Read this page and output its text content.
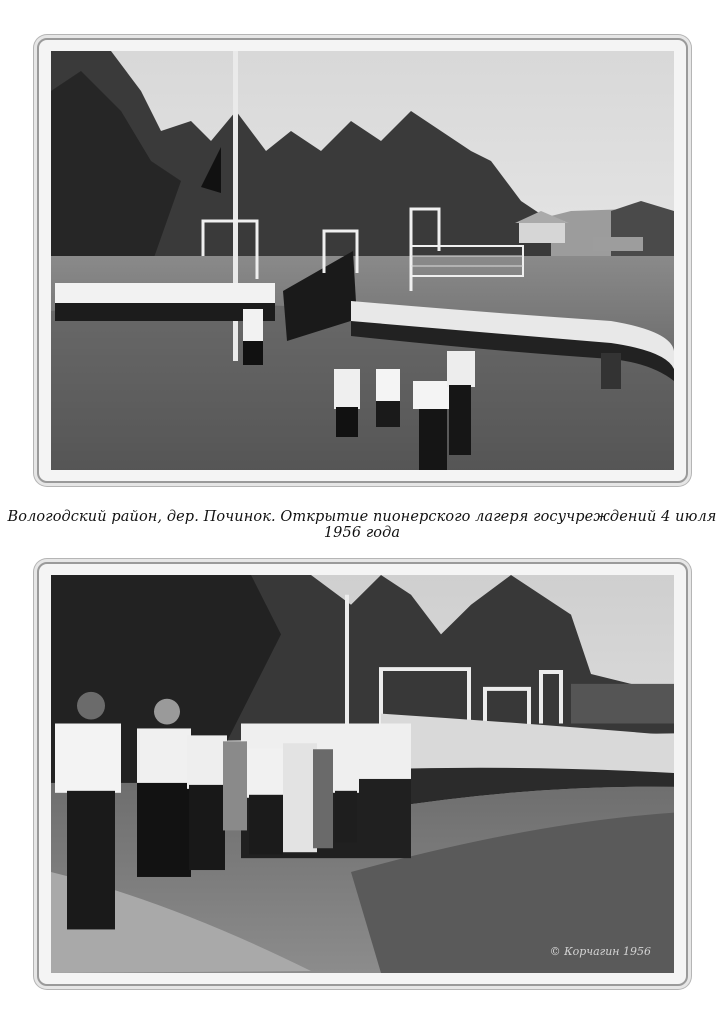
Вологодский район, дер. Починок. Открытие пионерского лагеря госучреждений 4 июля 1956 года
© Корчагин 1956
